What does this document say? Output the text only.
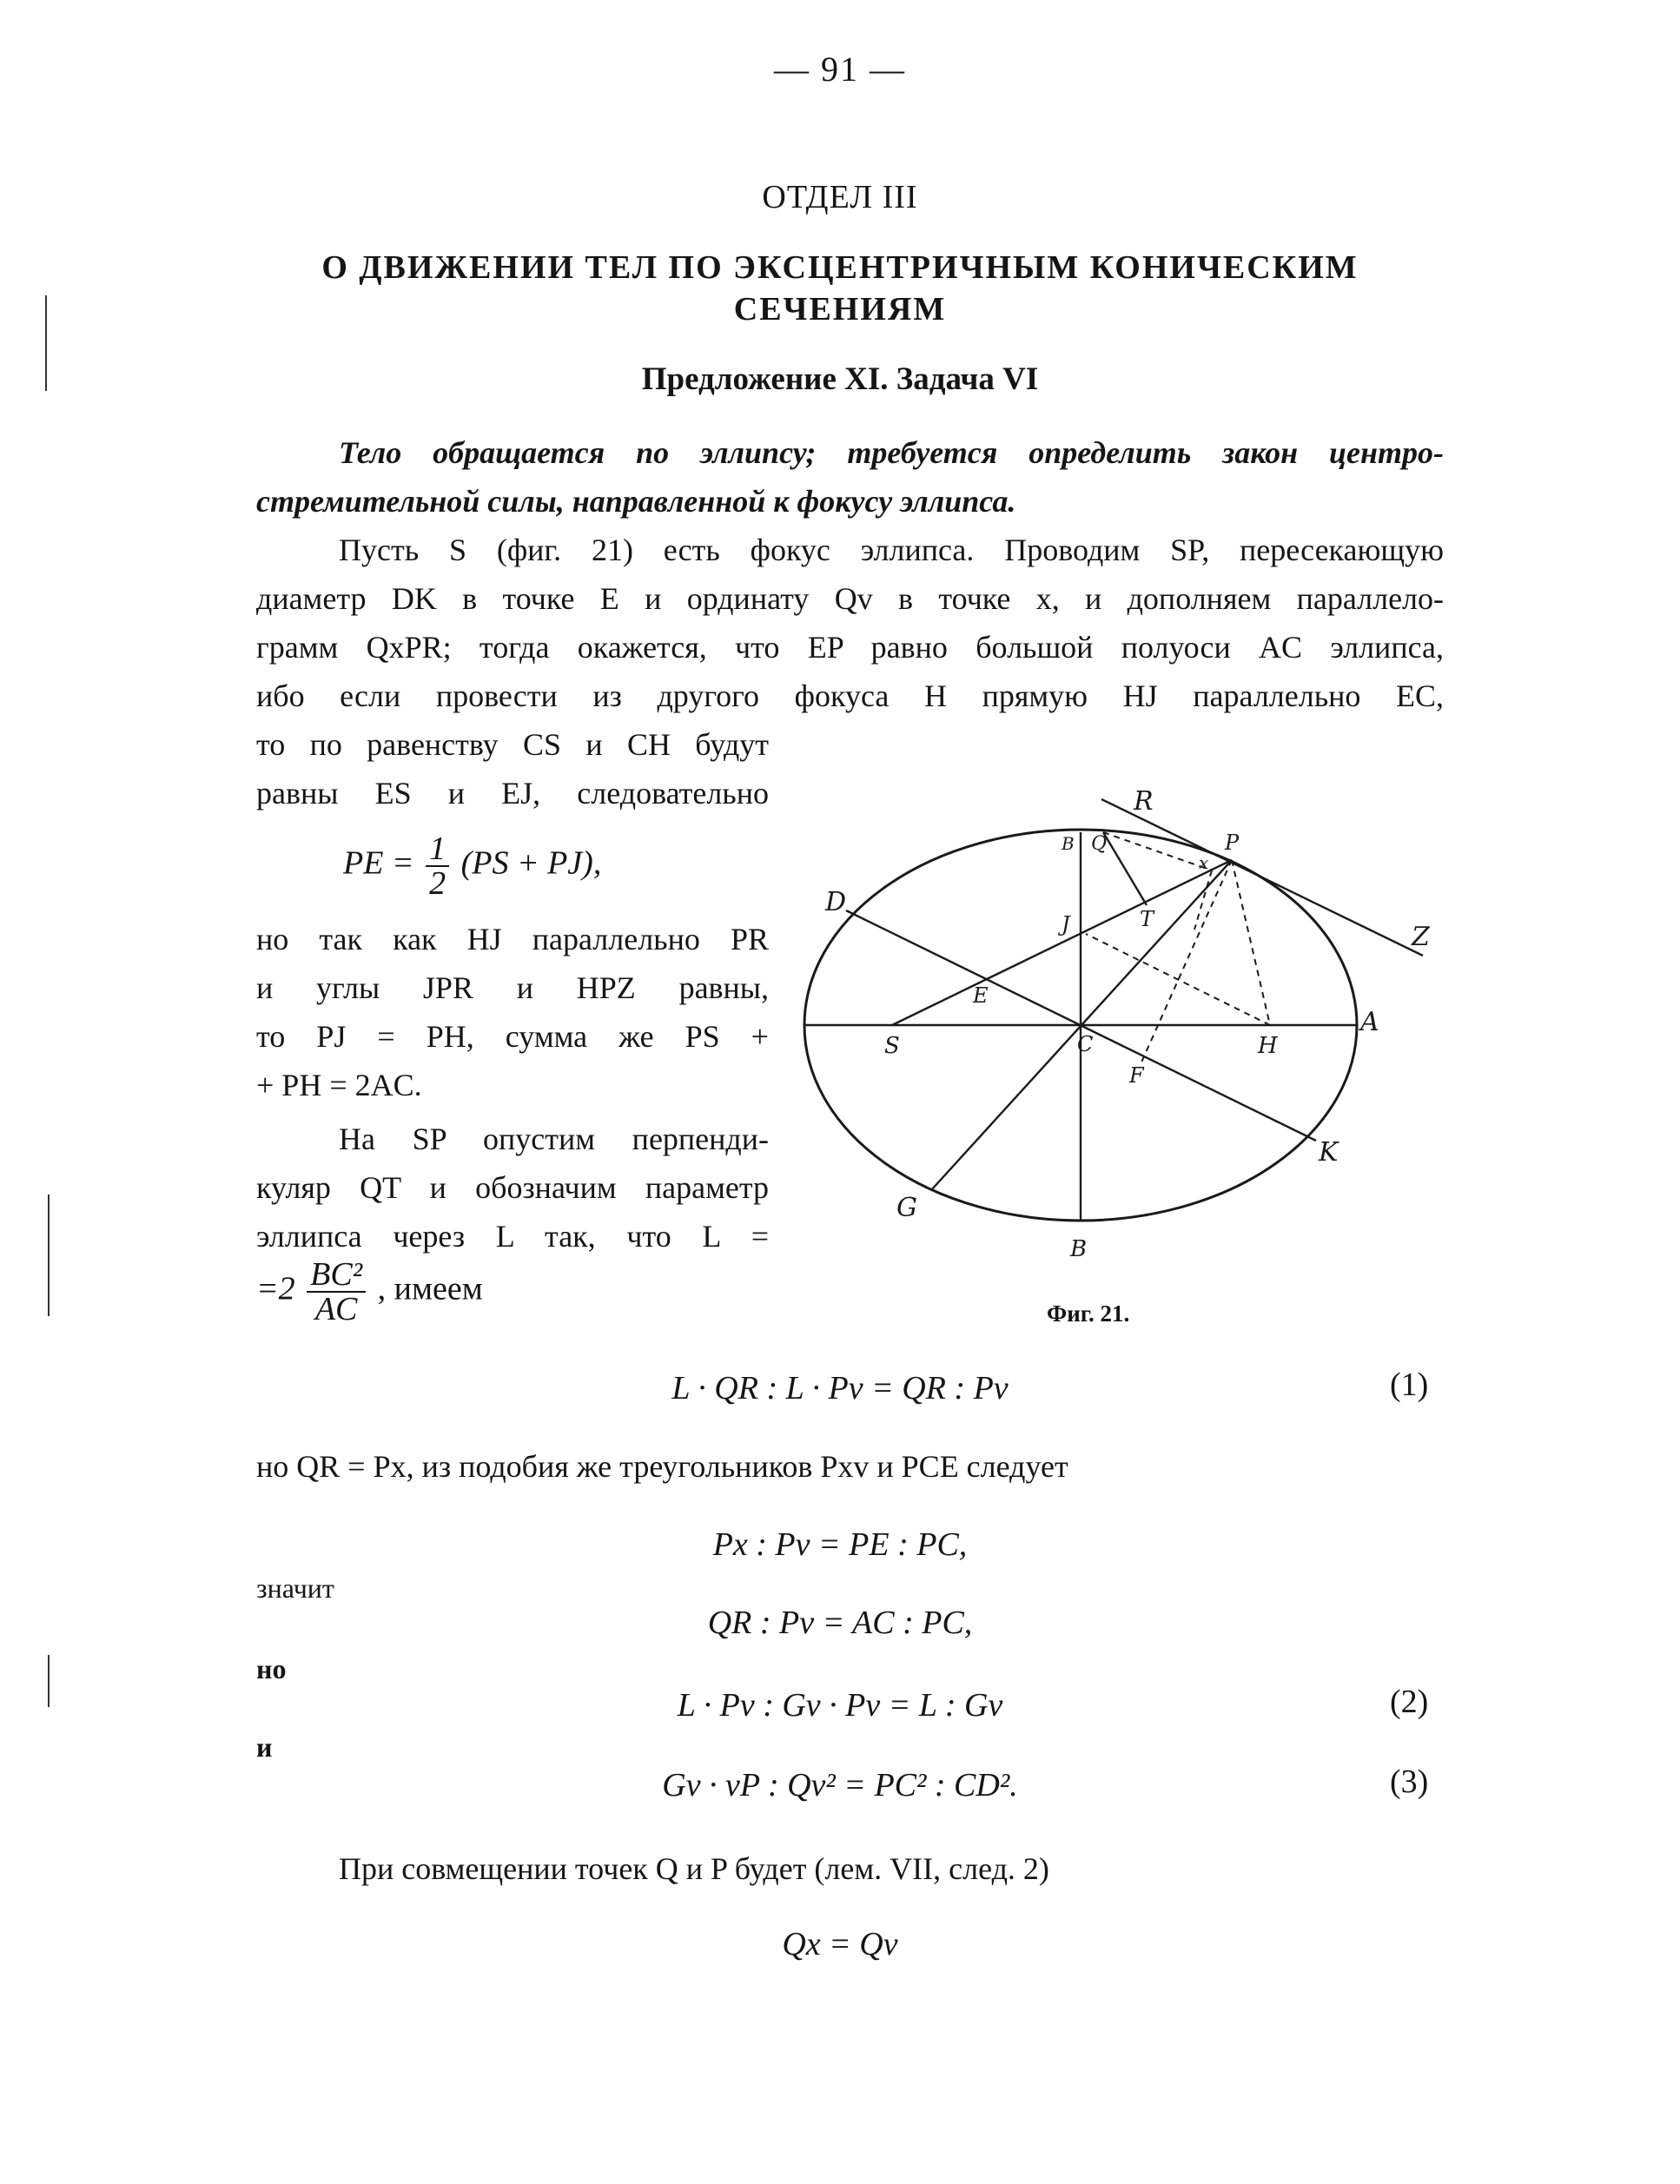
— 91 —
ОТДЕЛ III
О ДВИЖЕНИИ ТЕЛ ПО ЭКСЦЕНТРИЧНЫМ КОНИЧЕСКИМ
СЕЧЕНИЯМ
Предложение XI. Задача VI
Тело обращается по эллипсу; требуется определить закон центро-
стремительной силы, направленной к фокусу эллипса.
Пусть S (фиг. 21) есть фокус эллипса. Проводим SP, пересекающую
диаметр DK в точке E и ординату Qv в точке x, и дополняем параллело-
грамм QxPR; тогда окажется, что EP равно большой полуоси AC эллипса,
ибо если провести из другого фокуса H прямую HJ параллельно EC,
то по равенству CS и CH будут
равны ES и EJ, следовательно
PE = $\frac{1}{2} (PS + PJ)$,
но так как HJ параллельно PR
и углы JPR и HPZ равны,
то PJ = PH, сумма же PS +
+ PH = 2AC.
На SP опустим перпенди-
куляр QT и обозначим параметр
эллипса через L так, что L =
$=2 \frac{\text{BC²}}{AC}$ , имеем
R
Z
P
Q
B
D
x
T
J
E
S	C	H
A
F
K
G
B
Фиг. 21.
L · QR : L · Pv = QR : Pv	(1)
но QR = Px, из подобия же треугольников Pxv и PCE следует
Px : Pv = PE : PC,
значит
QR : Pv = AC : PC,
но
L · Pv : Gv · Pv = L : Gv	(2)
и
Gv · vP : Qv² = PC² : CD².	(3)
При совмещении точек Q и P будет (лем. VII, след. 2)
Qx = Qv
